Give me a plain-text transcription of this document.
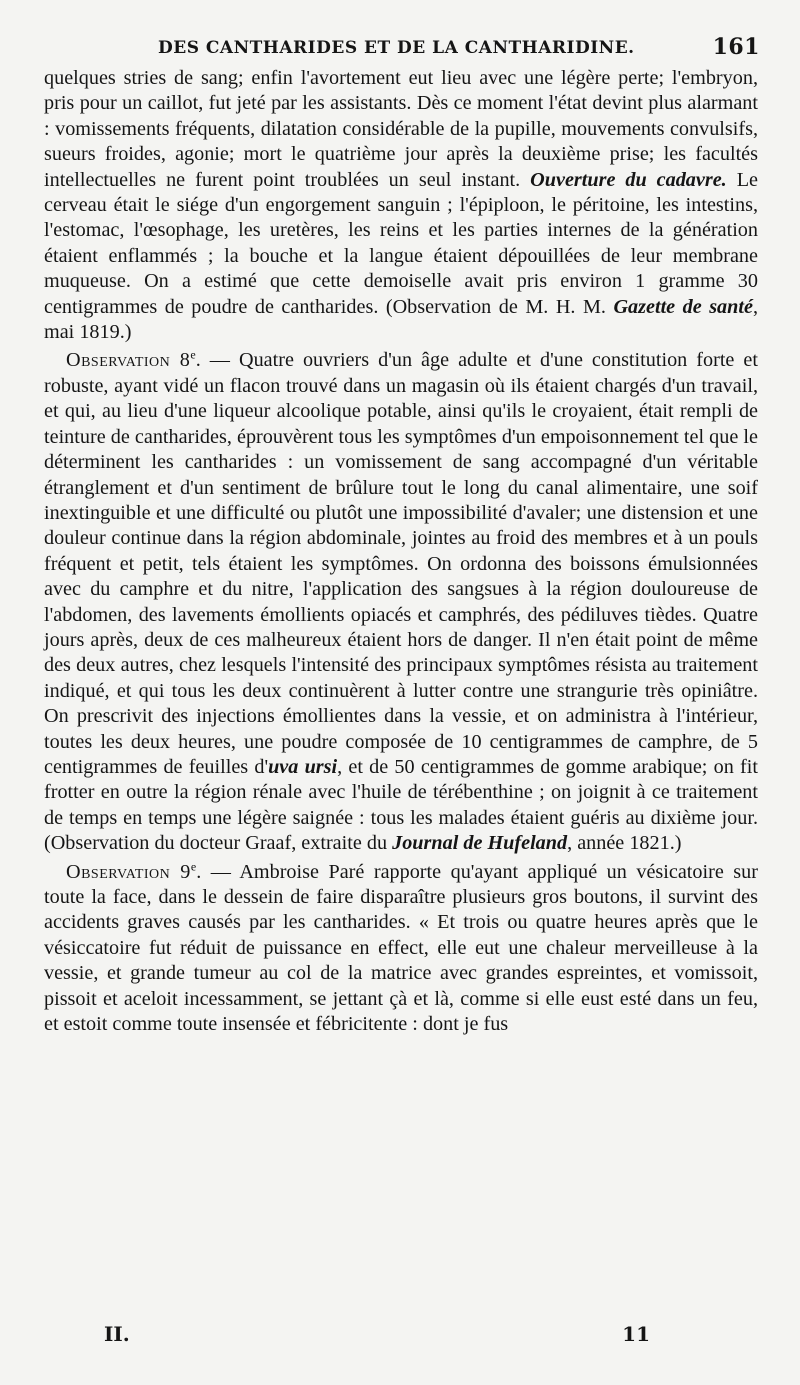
DES CANTHARIDES ET DE LA CANTHARIDINE.	161

quelques stries de sang; enfin l'avortement eut lieu avec une légère perte; l'embryon, pris pour un caillot, fut jeté par les assistants. Dès ce moment l'état devint plus alarmant : vomissements fréquents, dilatation considérable de la pupille, mouvements convulsifs, sueurs froides, agonie; mort le quatrième jour après la deuxième prise; les facultés intellectuelles ne furent point troublées un seul instant. Ouverture du cadavre. Le cerveau était le siége d'un engorgement sanguin ; l'épiploon, le péritoine, les intestins, l'estomac, l'œsophage, les uretères, les reins et les parties internes de la génération étaient enflammés ; la bouche et la langue étaient dépouillées de leur membrane muqueuse. On a estimé que cette demoiselle avait pris environ 1 gramme 30 centigrammes de poudre de cantharides. (Observation de M. H. M. Gazette de santé, mai 1819.)

Observation 8e. — Quatre ouvriers d'un âge adulte et d'une constitution forte et robuste, ayant vidé un flacon trouvé dans un magasin où ils étaient chargés d'un travail, et qui, au lieu d'une liqueur alcoolique potable, ainsi qu'ils le croyaient, était rempli de teinture de cantharides, éprouvèrent tous les symptômes d'un empoisonnement tel que le déterminent les cantharides : un vomissement de sang accompagné d'un véritable étranglement et d'un sentiment de brûlure tout le long du canal alimentaire, une soif inextinguible et une difficulté ou plutôt une impossibilité d'avaler; une distension et une douleur continue dans la région abdominale, jointes au froid des membres et à un pouls fréquent et petit, tels étaient les symptômes. On ordonna des boissons émulsionnées avec du camphre et du nitre, l'application des sangsues à la région douloureuse de l'abdomen, des lavements émollients opiacés et camphrés, des pédiluves tièdes. Quatre jours après, deux de ces malheureux étaient hors de danger. Il n'en était point de même des deux autres, chez lesquels l'intensité des principaux symptômes résista au traitement indiqué, et qui tous les deux continuèrent à lutter contre une strangurie très opiniâtre. On prescrivit des injections émollientes dans la vessie, et on administra à l'intérieur, toutes les deux heures, une poudre composée de 10 centigrammes de camphre, de 5 centigrammes de feuilles d'uva ursi, et de 50 centigrammes de gomme arabique; on fit frotter en outre la région rénale avec l'huile de térébenthine ; on joignit à ce traitement de temps en temps une légère saignée : tous les malades étaient guéris au dixième jour. (Observation du docteur Graaf, extraite du Journal de Hufeland, année 1821.)

Observation 9e. — Ambroise Paré rapporte qu'ayant appliqué un vésicatoire sur toute la face, dans le dessein de faire disparaître plusieurs gros boutons, il survint des accidents graves causés par les cantharides. « Et trois ou quatre heures après que le vésiccatoire fut réduit de puissance en effect, elle eut une chaleur merveilleuse à la vessie, et grande tumeur au col de la matrice avec grandes espreintes, et vomissoit, pissoit et aceloit incessamment, se jettant çà et là, comme si elle eust esté dans un feu, et estoit comme toute insensée et fébricitente : dont je fus

II.	11
